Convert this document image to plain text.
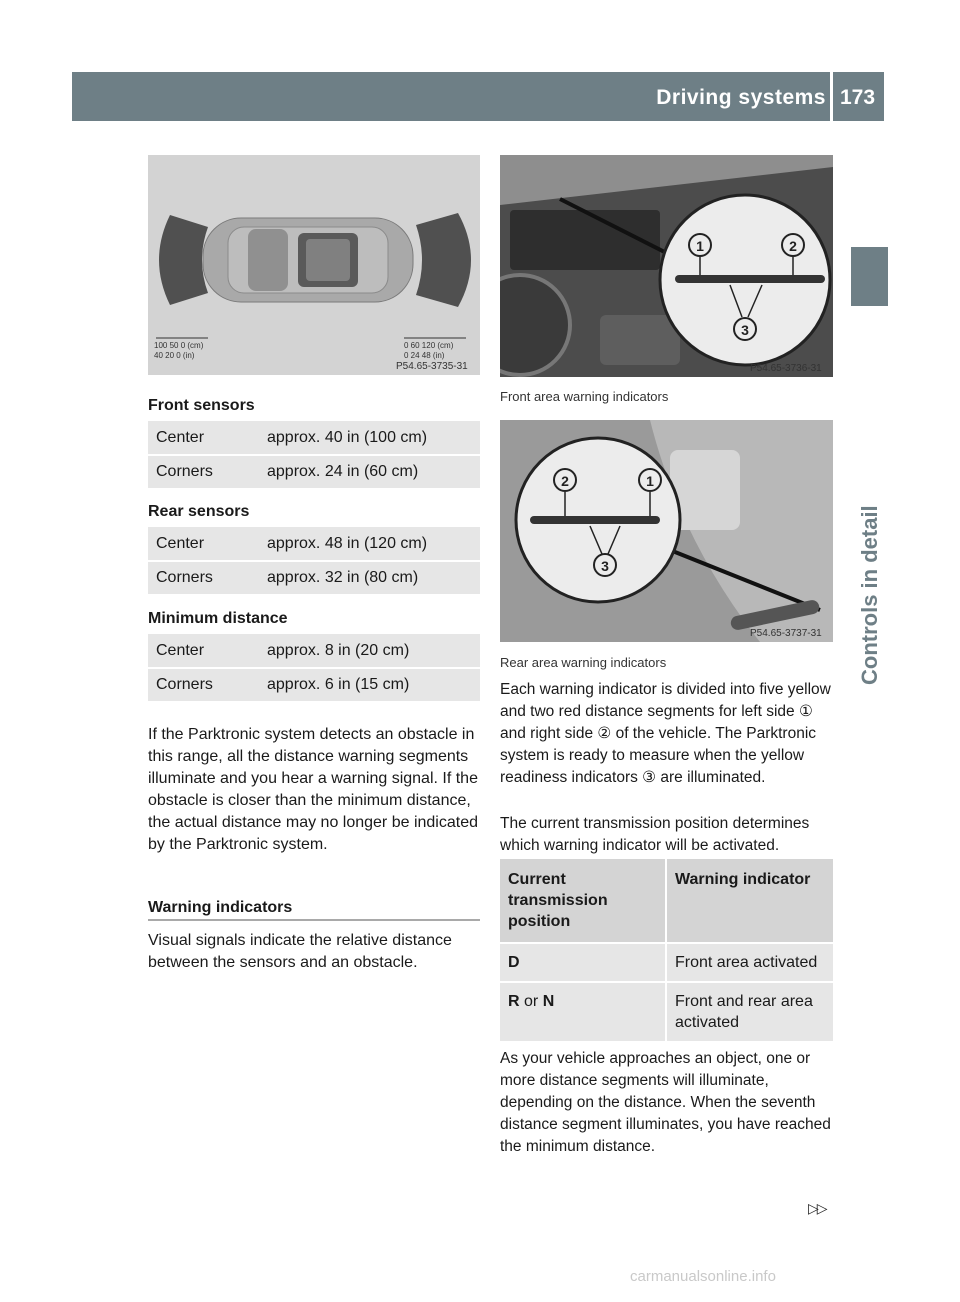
Driving systems 173
Controls in detail
100 50 0 (cm)
40 20 0 (in)
0 60 120 (cm)
0 24 48 (in)
P54.65-3735-31
Front sensors
Center	approx. 40 in (100 cm)
Corners	approx. 24 in (60 cm)
Rear sensors
Center	approx. 48 in (120 cm)
Corners	approx. 32 in (80 cm)
Minimum distance
Center	approx. 8 in (20 cm)
Corners	approx. 6 in (15 cm)
If the Parktronic system detects an obstacle in this range, all the distance warning segments illuminate and you hear a warning signal. If the obstacle is closer than the minimum distance, the actual distance may no longer be indicated by the Parktronic system.
Warning indicators
Visual signals indicate the relative distance between the sensors and an obstacle.
1	2
3
P54.65-3736-31
Front area warning indicators
2	1
3
P54.65-3737-31
Rear area warning indicators
Each warning indicator is divided into five yellow and two red distance segments for left side ① and right side ② of the vehicle. The Parktronic system is ready to measure when the yellow readiness indicators ③ are illuminated.
The current transmission position determines which warning indicator will be activated.
Current transmission position	Warning indicator
D	Front area activated
R or N	Front and rear area activated
As your vehicle approaches an object, one or more distance segments will illuminate, depending on the distance. When the seventh distance segment illuminates, you have reached the minimum distance.
▷▷
carmanualsonline.info
